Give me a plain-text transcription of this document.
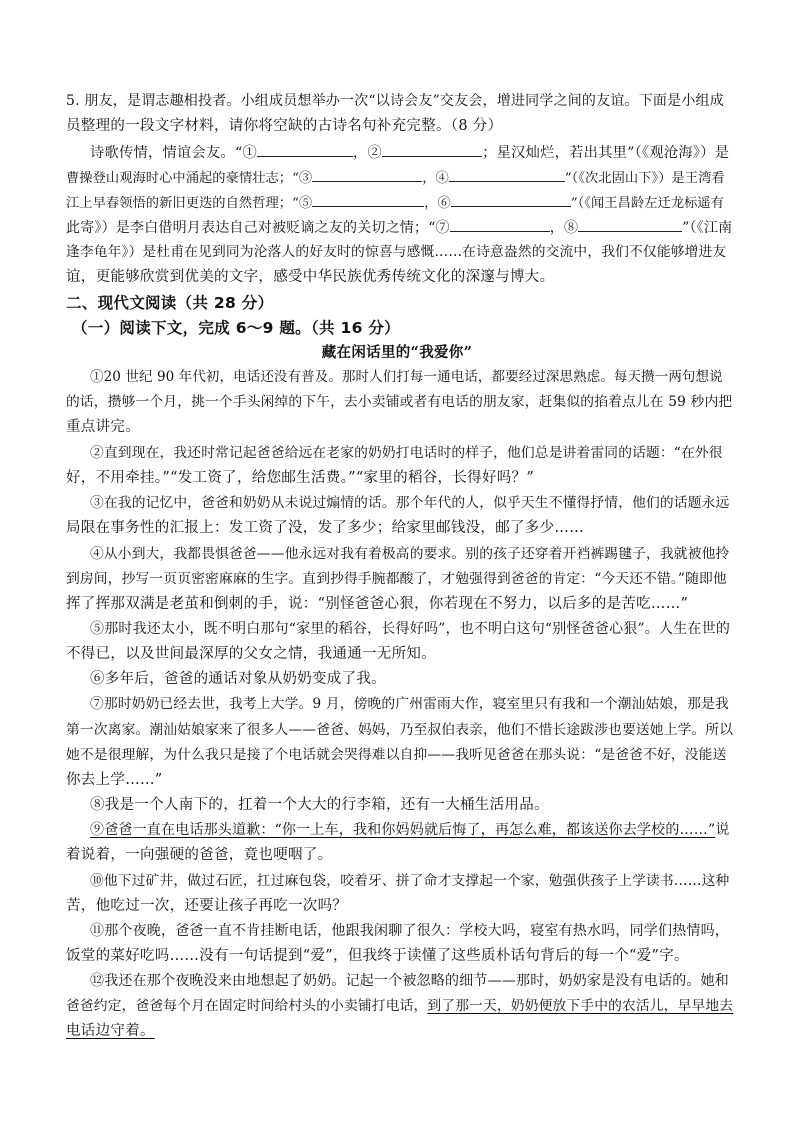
5. 朋友，是谓志趣相投者。小组成员想举办一次“以诗会友”交友会，增进同学之间的友谊。下面是小组成
员整理的一段文字材料，请你将空缺的古诗名句补充完整。（8 分）
诗歌传情，情谊会友。“①	，②	；星汉灿烂，若出其里”（《观沧海》）是
曹操登山观海时心中涌起的豪情壮志；“③	，④	”（《次北固山下》）是王湾看
江上早春领悟的新旧更迭的自然哲理；“⑤	，⑥	”（《闻王昌龄左迁龙标遥有
此寄》）是李白借明月表达自己对被贬谪之友的关切之情；“⑦	，⑧	”（《江南
逢李龟年》）是杜甫在见到同为沦落人的好友时的惊喜与感慨……在诗意盎然的交流中，我们不仅能够增进友
谊，更能够欣赏到优美的文字，感受中华民族优秀传统文化的深邃与博大。
二、现代文阅读（共 28 分）
（一）阅读下文，完成 6～9 题。（共 16 分）
藏在闲话里的“我爱你”
①20 世纪 90 年代初，电话还没有普及。那时人们打每一通电话，都要经过深思熟虑。每天攒一两句想说
的话，攒够一个月，挑一个手头闲绰的下午，去小卖铺或者有电话的朋友家，赶集似的掐着点儿在 59 秒内把
重点讲完。
②直到现在，我还时常记起爸爸给远在老家的奶奶打电话时的样子，他们总是讲着雷同的话题：“在外很
好，不用牵挂。”“发工资了，给您邮生活费。”“家里的稻谷，长得好吗？”
③在我的记忆中，爸爸和奶奶从未说过煽情的话。那个年代的人，似乎天生不懂得抒情，他们的话题永远
局限在事务性的汇报上：发工资了没，发了多少；给家里邮钱没，邮了多少……
④从小到大，我都畏惧爸爸——他永远对我有着极高的要求。别的孩子还穿着开裆裤踢毽子，我就被他拎
到房间，抄写一页页密密麻麻的生字。直到抄得手腕都酸了，才勉强得到爸爸的肯定：“今天还不错。”随即他
挥了挥那双满是老茧和倒刺的手，说：“别怪爸爸心狠，你若现在不努力，以后多的是苦吃……”
⑤那时我还太小，既不明白那句“家里的稻谷，长得好吗”，也不明白这句“别怪爸爸心狠”。人生在世的
不得已，以及世间最深厚的父女之情，我通通一无所知。
⑥多年后，爸爸的通话对象从奶奶变成了我。
⑦那时奶奶已经去世，我考上大学。9 月，傍晚的广州雷雨大作，寝室里只有我和一个潮汕姑娘，那是我
第一次离家。潮汕姑娘家来了很多人——爸爸、妈妈，乃至叔伯表亲，他们不惜长途跋涉也要送她上学。所以
她不是很理解，为什么我只是接了个电话就会哭得难以自抑——我听见爸爸在那头说：“是爸爸不好，没能送
你去上学……”
⑧我是一个人南下的，扛着一个大大的行李箱，还有一大桶生活用品。
⑨爸爸一直在电话那头道歉：“你一上车，我和你妈妈就后悔了，再怎么难，都该送你去学校的……”说
着说着，一向强硬的爸爸，竟也哽咽了。
⑩他下过矿井，做过石匠，扛过麻包袋，咬着牙、拼了命才支撑起一个家，勉强供孩子上学读书……这种
苦，他吃过一次，还要让孩子再吃一次吗？
⑪那个夜晚，爸爸一直不肯挂断电话，他跟我闲聊了很久：学校大吗，寝室有热水吗，同学们热情吗，
饭堂的菜好吃吗……没有一句话提到“爱”，但我终于读懂了这些质朴话句背后的每一个“爱”字。
⑫我还在那个夜晚没来由地想起了奶奶。记起一个被忽略的细节——那时，奶奶家是没有电话的。她和
爸爸约定，爸爸每个月在固定时间给村头的小卖铺打电话，到了那一天，奶奶便放下手中的农活儿，早早地去
电话边守着。
